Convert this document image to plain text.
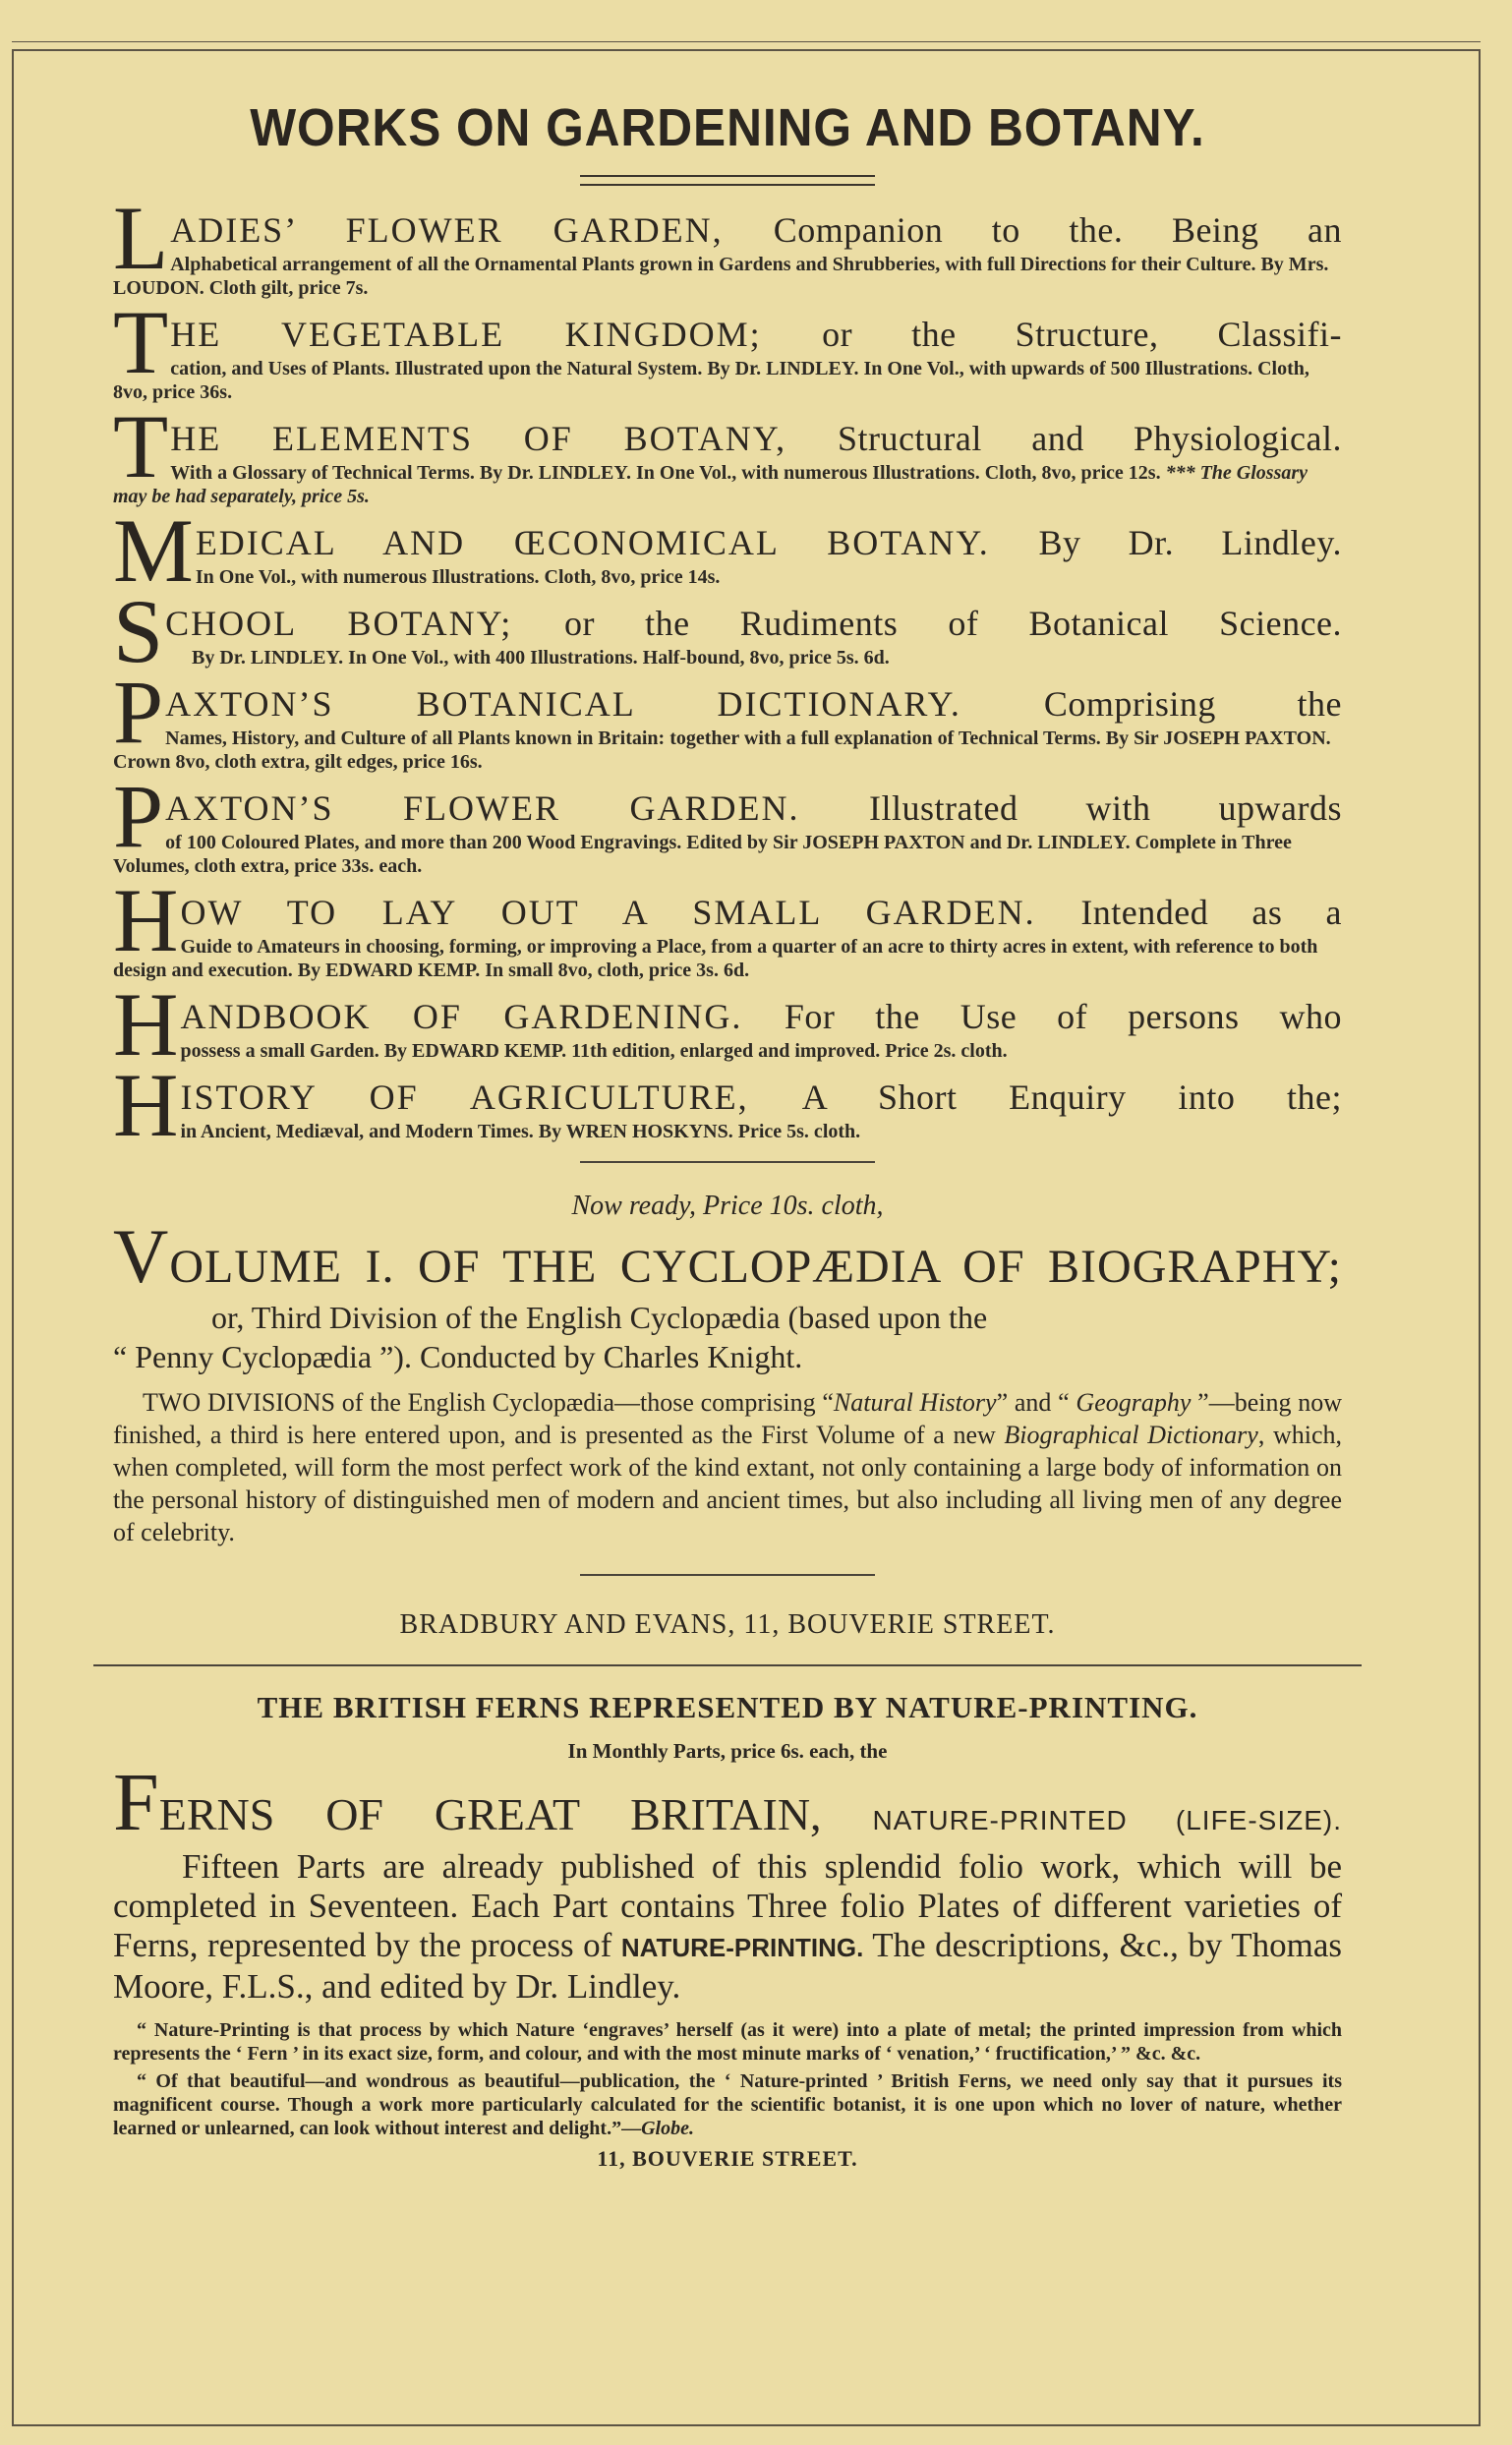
WORKS ON GARDENING AND BOTANY.
L ADIES’ FLOWER GARDEN, Companion to the. Being an
Alphabetical arrangement of all the Ornamental Plants grown in Gardens and Shrubberies, with full Directions for their Culture. By Mrs. LOUDON. Cloth gilt, price 7s.
T HE VEGETABLE KINGDOM; or the Structure, Classifi-
cation, and Uses of Plants. Illustrated upon the Natural System. By Dr. LINDLEY. In One Vol., with upwards of 500 Illustrations. Cloth, 8vo, price 36s.
T HE ELEMENTS OF BOTANY, Structural and Physiological.
With a Glossary of Technical Terms. By Dr. LINDLEY. In One Vol., with numerous Illustrations. Cloth, 8vo, price 12s. *** The Glossary may be had separately, price 5s.
M EDICAL AND ŒCONOMICAL BOTANY. By Dr. Lindley.
In One Vol., with numerous Illustrations. Cloth, 8vo, price 14s.
S CHOOL BOTANY; or the Rudiments of Botanical Science.
By Dr. LINDLEY. In One Vol., with 400 Illustrations. Half-bound, 8vo, price 5s. 6d.
P AXTON’S BOTANICAL DICTIONARY. Comprising the
Names, History, and Culture of all Plants known in Britain: together with a full explanation of Technical Terms. By Sir JOSEPH PAXTON. Crown 8vo, cloth extra, gilt edges, price 16s.
P AXTON’S FLOWER GARDEN. Illustrated with upwards
of 100 Coloured Plates, and more than 200 Wood Engravings. Edited by Sir JOSEPH PAXTON and Dr. LINDLEY. Complete in Three Volumes, cloth extra, price 33s. each.
H OW TO LAY OUT A SMALL GARDEN. Intended as a
Guide to Amateurs in choosing, forming, or improving a Place, from a quarter of an acre to thirty acres in extent, with reference to both design and execution. By EDWARD KEMP. In small 8vo, cloth, price 3s. 6d.
H ANDBOOK OF GARDENING. For the Use of persons who
possess a small Garden. By EDWARD KEMP. 11th edition, enlarged and improved. Price 2s. cloth.
H ISTORY OF AGRICULTURE, A Short Enquiry into the;
in Ancient, Mediæval, and Modern Times. By WREN HOSKYNS. Price 5s. cloth.

Now ready, Price 10s. cloth,

VOLUME I. OF THE CYCLOPÆDIA OF BIOGRAPHY;
or, Third Division of the English Cyclopædia (based upon the
“ Penny Cyclopædia ”). Conducted by Charles Knight.

TWO DIVISIONS of the English Cyclopædia—those comprising “Natural History” and “ Geography ”—being now finished, a third is here entered upon, and is presented as the First Volume of a new Biographical Dictionary, which, when completed, will form the most perfect work of the kind extant, not only containing a large body of information on the personal history of distinguished men of modern and ancient times, but also including all living men of any degree of celebrity.

BRADBURY AND EVANS, 11, BOUVERIE STREET.
THE BRITISH FERNS REPRESENTED BY NATURE-PRINTING.
In Monthly Parts, price 6s. each, the
FERNS OF GREAT BRITAIN, NATURE-PRINTED (LIFE-SIZE).
Fifteen Parts are already published of this splendid folio work, which will be completed in Seventeen. Each Part contains Three folio Plates of different varieties of Ferns, represented by the process of NATURE-PRINTING. The descriptions, &c., by Thomas Moore, F.L.S., and edited by Dr. Lindley.
“ Nature-Printing is that process by which Nature ‘engraves’ herself (as it were) into a plate of metal; the printed impression from which represents the ‘ Fern ’ in its exact size, form, and colour, and with the most minute marks of ‘ venation,’ ‘ fructification,’ ” &c. &c.
“ Of that beautiful—and wondrous as beautiful—publication, the ‘ Nature-printed ’ British Ferns, we need only say that it pursues its magnificent course. Though a work more particularly calculated for the scientific botanist, it is one upon which no lover of nature, whether learned or unlearned, can look without interest and delight.”—Globe.
11, BOUVERIE STREET.
